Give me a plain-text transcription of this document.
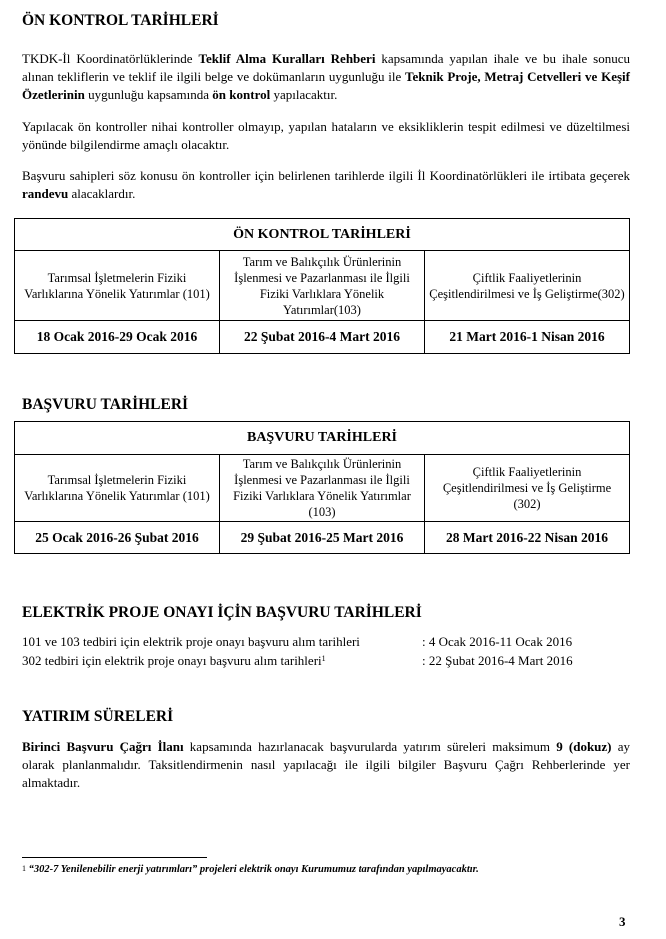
ÖN KONTROL TARİHLERİ

TKDK-İl Koordinatörlüklerinde Teklif Alma Kuralları Rehberi kapsamında yapılan ihale ve bu ihale sonucu alınan tekliflerin ve teklif ile ilgili belge ve dokümanların uygunluğu ile Teknik Proje, Metraj Cetvelleri ve Keşif Özetlerinin uygunluğu kapsamında ön kontrol yapılacaktır.

Yapılacak ön kontroller nihai kontroller olmayıp, yapılan hataların ve eksikliklerin tespit edilmesi ve düzeltilmesi yönünde bilgilendirme amaçlı olacaktır.

Başvuru sahipleri söz konusu ön kontroller için belirlenen tarihlerde ilgili İl Koordinatörlükleri ile irtibata geçerek randevu alacaklardır.

ÖN KONTROL TARİHLERİ		
Tarımsal İşletmelerin Fiziki Varlıklarına Yönelik Yatırımlar (101)	Tarım ve Balıkçılık Ürünlerinin İşlenmesi ve Pazarlanması ile İlgili Fiziki Varlıklara Yönelik Yatırımlar(103)	Çiftlik Faaliyetlerinin Çeşitlendirilmesi ve İş Geliştirme(302)
18 Ocak 2016-29 Ocak 2016	22 Şubat 2016-4 Mart 2016	21 Mart 2016-1 Nisan 2016
BAŞVURU TARİHLERİ
BAŞVURU TARİHLERİ		
Tarımsal İşletmelerin Fiziki Varlıklarına Yönelik Yatırımlar (101)	Tarım ve Balıkçılık Ürünlerinin İşlenmesi ve Pazarlanması ile İlgili Fiziki Varlıklara Yönelik Yatırımlar (103)	Çiftlik Faaliyetlerinin Çeşitlendirilmesi ve İş Geliştirme (302)
25 Ocak 2016-26 Şubat 2016	29 Şubat 2016-25 Mart 2016	28 Mart 2016-22 Nisan 2016
ELEKTRİK PROJE ONAYI İÇİN BAŞVURU TARİHLERİ
101 ve 103 tedbiri için elektrik proje onayı başvuru alım tarihleri	: 4 Ocak 2016-11 Ocak 2016
302 tedbiri için elektrik proje onayı başvuru alım tarihleri$^1$	: 22 Şubat 2016-4 Mart 2016
YATIRIM SÜRELERİ

Birinci Başvuru Çağrı İlanı kapsamında hazırlanacak başvurularda yatırım süreleri maksimum 9 (dokuz) ay olarak planlanmalıdır. Taksitlendirmenin nasıl yapılacağı ile ilgili bilgiler Başvuru Çağrı Rehberlerinde yer almaktadır.

$^1$ “302-7 Yenilenebilir enerji yatırımları” projeleri elektrik onayı Kurumumuz tarafından yapılmayacaktır.
3
